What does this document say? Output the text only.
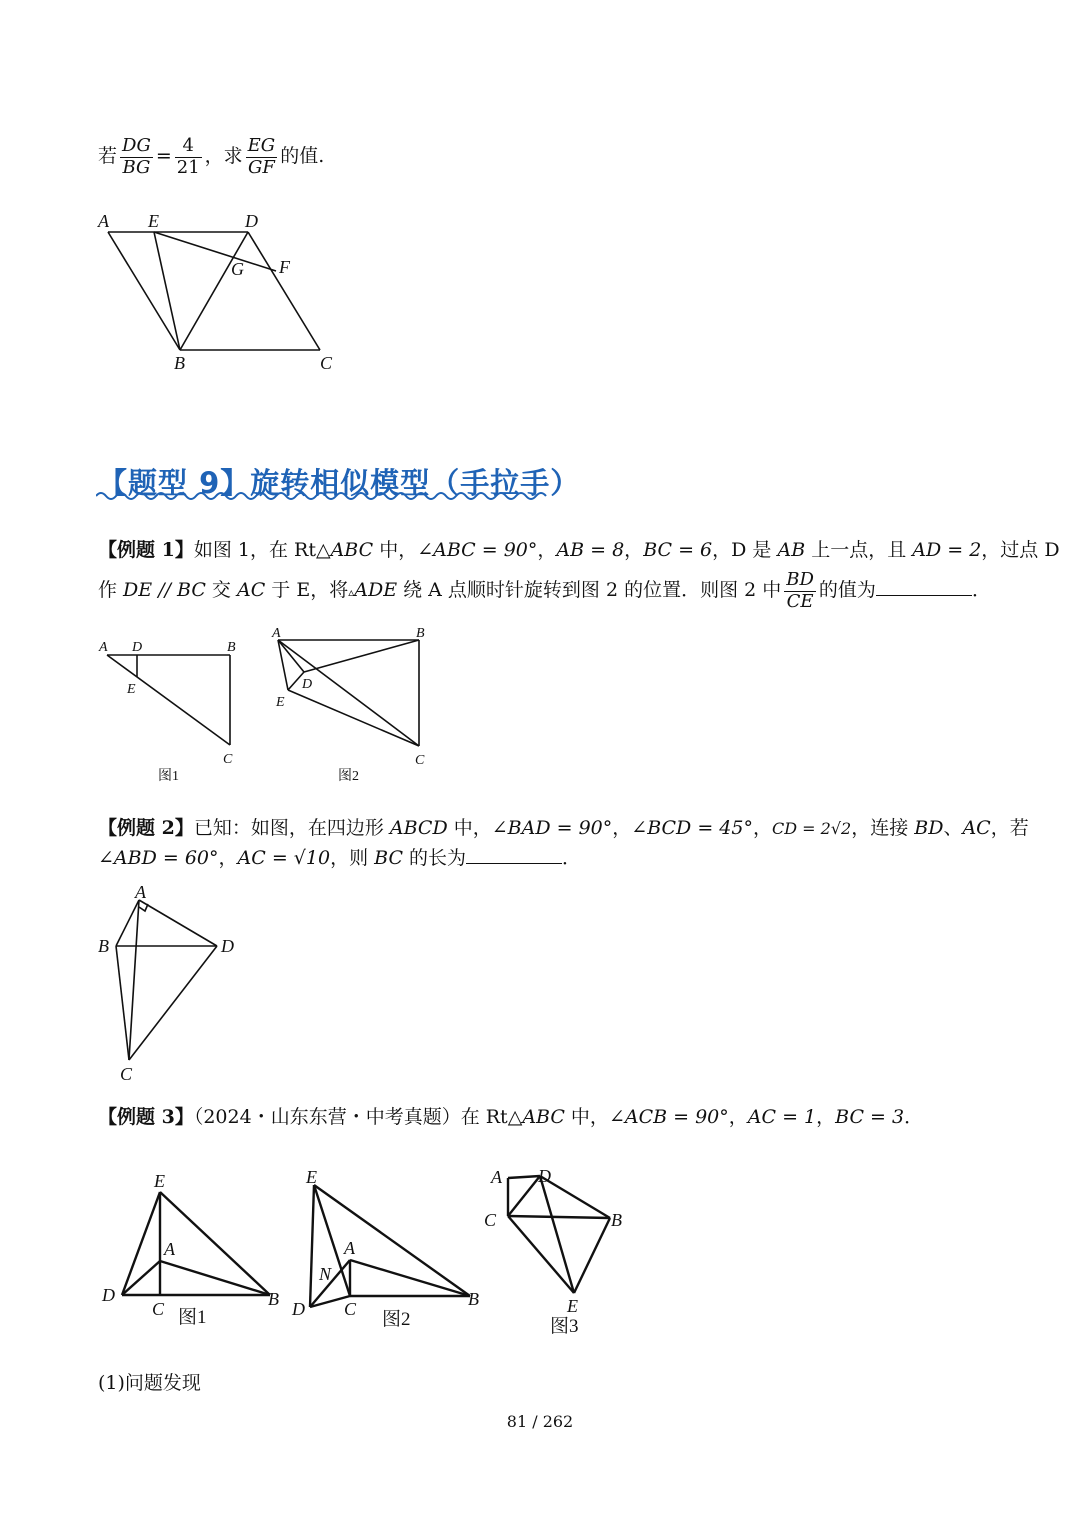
若 $\frac{DG}{BG} = \frac{4}{21}$ ，求 $\frac{EG}{GF}$ 的值.
A E	D
G F
B	C
【题型 9】旋转相似模型（手拉手）
【例题 1】如图 1，在 Rt△ABC 中，∠ABC = 90°，AB = 8，BC = 6，D 是 AB 上一点，且 AD = 2，过点 D
作 DE // BC 交 AC 于 E，将▵ADE 绕 A 点顺时针旋转到图 2 的位置．则图 2 中 $\frac{BD}{CE}$ 的值为	．
A D	B
E
C
图1
A	B
D
E
C
图2
【例题 2】已知：如图，在四边形 ABCD 中，∠BAD = 90°，∠BCD = 45°，CD = 2√2，连接 BD、AC，若
∠ABD = 60°，AC = √10，则 BC 的长为	．
A
B	D
C
【例题 3】（2024・山东东营・中考真题）在 Rt△ABC 中，∠ACB = 90°，AC = 1，BC = 3．
E
A
D
C	B
图1
E
A
N
D C	B
图2
A D
C	B
E
图3
(1)问题发现
81 / 262
